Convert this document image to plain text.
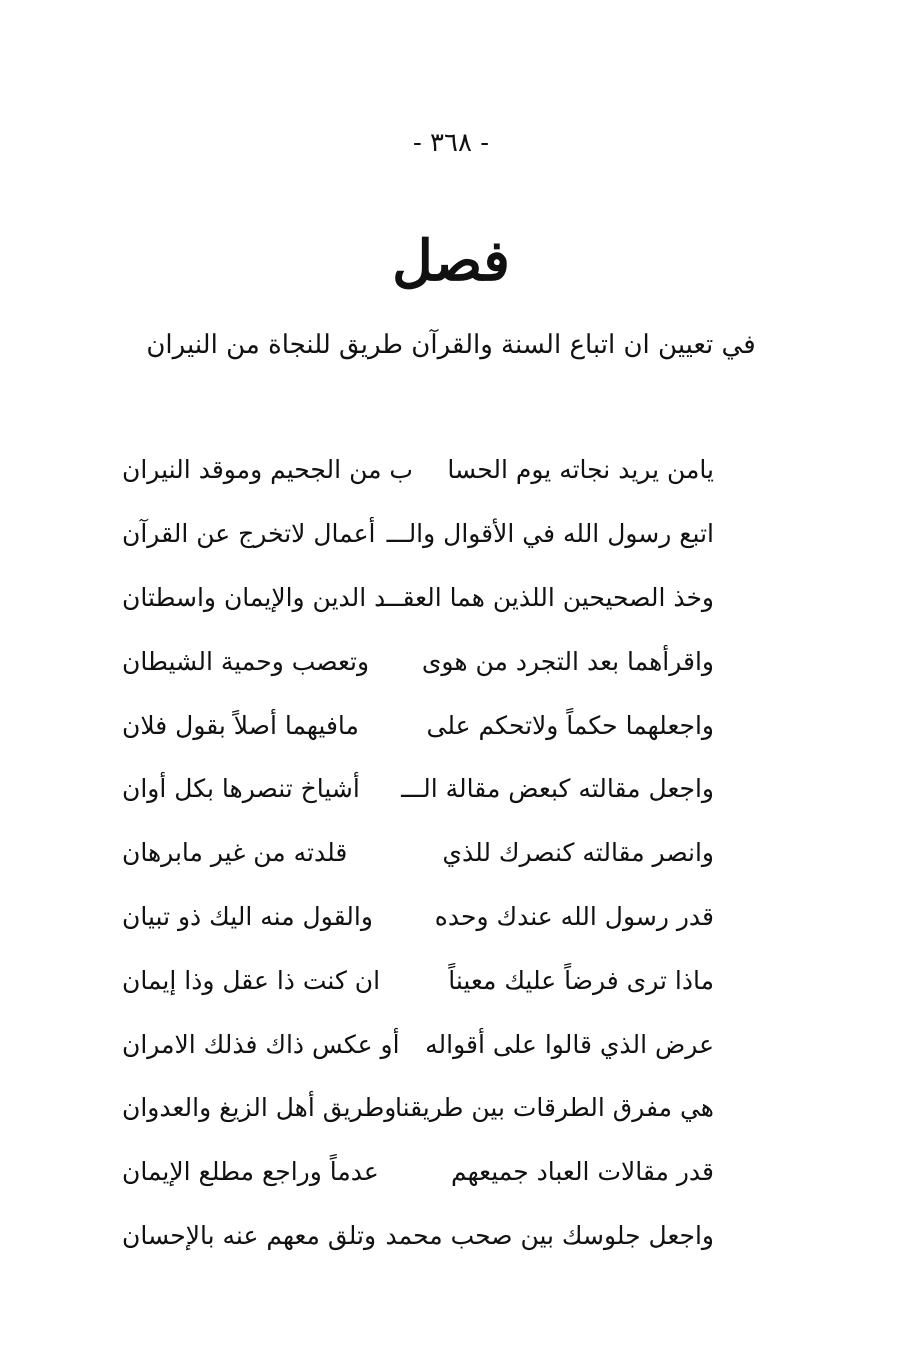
- ٣٦٨ -
فصل
في تعيين ان اتباع السنة والقرآن طريق للنجاة من النيران
يامن يريد نجاته يوم الحسا
ب من الجحيم وموقد النيران
اتبع رسول الله في الأقوال والـــ
أعمال لاتخرج عن القرآن
وخذ الصحيحين اللذين هما العقـــ
د الدين والإيمان واسطتان
واقرأهما بعد التجرد من هوى
وتعصب وحمية الشيطان
واجعلهما حكماً ولاتحكم على
مافيهما أصلاً بقول فلان
واجعل مقالته كبعض مقالة الـــ
أشياخ تنصرها بكل أوان
وانصر مقالته كنصرك للذي
قلدته من غير مابرهان
قدر رسول الله عندك وحده
والقول منه اليك ذو تبيان
ماذا ترى فرضاً عليك معيناً
ان كنت ذا عقل وذا إيمان
عرض الذي قالوا على أقواله
أو عكس ذاك فذلك الامران
هي مفرق الطرقات بين طريقنا
وطريق أهل الزيغ والعدوان
قدر مقالات العباد جميعهم
عدماً وراجع مطلع الإيمان
واجعل جلوسك بين صحب محمد
وتلق معهم عنه بالإحسان
